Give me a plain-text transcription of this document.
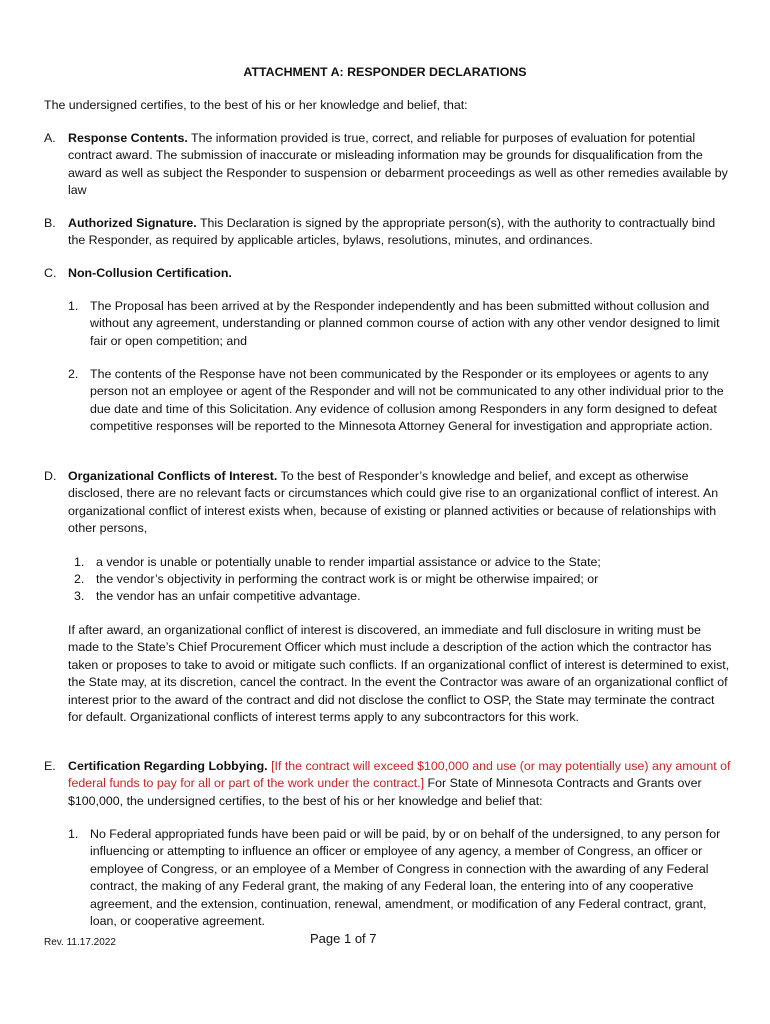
ATTACHMENT A: RESPONDER DECLARATIONS
The undersigned certifies, to the best of his or her knowledge and belief, that:
A. Response Contents. The information provided is true, correct, and reliable for purposes of evaluation for potential contract award. The submission of inaccurate or misleading information may be grounds for disqualification from the award as well as subject the Responder to suspension or debarment proceedings as well as other remedies available by law
B. Authorized Signature. This Declaration is signed by the appropriate person(s), with the authority to contractually bind the Responder, as required by applicable articles, bylaws, resolutions, minutes, and ordinances.
C. Non-Collusion Certification.
1. The Proposal has been arrived at by the Responder independently and has been submitted without collusion and without any agreement, understanding or planned common course of action with any other vendor designed to limit fair or open competition; and
2. The contents of the Response have not been communicated by the Responder or its employees or agents to any person not an employee or agent of the Responder and will not be communicated to any other individual prior to the due date and time of this Solicitation. Any evidence of collusion among Responders in any form designed to defeat competitive responses will be reported to the Minnesota Attorney General for investigation and appropriate action.
D. Organizational Conflicts of Interest. To the best of Responder’s knowledge and belief, and except as otherwise disclosed, there are no relevant facts or circumstances which could give rise to an organizational conflict of interest. An organizational conflict of interest exists when, because of existing or planned activities or because of relationships with other persons,
1. a vendor is unable or potentially unable to render impartial assistance or advice to the State;
2. the vendor’s objectivity in performing the contract work is or might be otherwise impaired; or
3. the vendor has an unfair competitive advantage.
If after award, an organizational conflict of interest is discovered, an immediate and full disclosure in writing must be made to the State’s Chief Procurement Officer which must include a description of the action which the contractor has taken or proposes to take to avoid or mitigate such conflicts. If an organizational conflict of interest is determined to exist, the State may, at its discretion, cancel the contract. In the event the Contractor was aware of an organizational conflict of interest prior to the award of the contract and did not disclose the conflict to OSP, the State may terminate the contract for default. Organizational conflicts of interest terms apply to any subcontractors for this work.
E. Certification Regarding Lobbying. [If the contract will exceed $100,000 and use (or may potentially use) any amount of federal funds to pay for all or part of the work under the contract.] For State of Minnesota Contracts and Grants over $100,000, the undersigned certifies, to the best of his or her knowledge and belief that:
1. No Federal appropriated funds have been paid or will be paid, by or on behalf of the undersigned, to any person for influencing or attempting to influence an officer or employee of any agency, a member of Congress, an officer or employee of Congress, or an employee of a Member of Congress in connection with the awarding of any Federal contract, the making of any Federal grant, the making of any Federal loan, the entering into of any cooperative agreement, and the extension, continuation, renewal, amendment, or modification of any Federal contract, grant, loan, or cooperative agreement.
Rev. 11.17.2022	Page 1 of 7
